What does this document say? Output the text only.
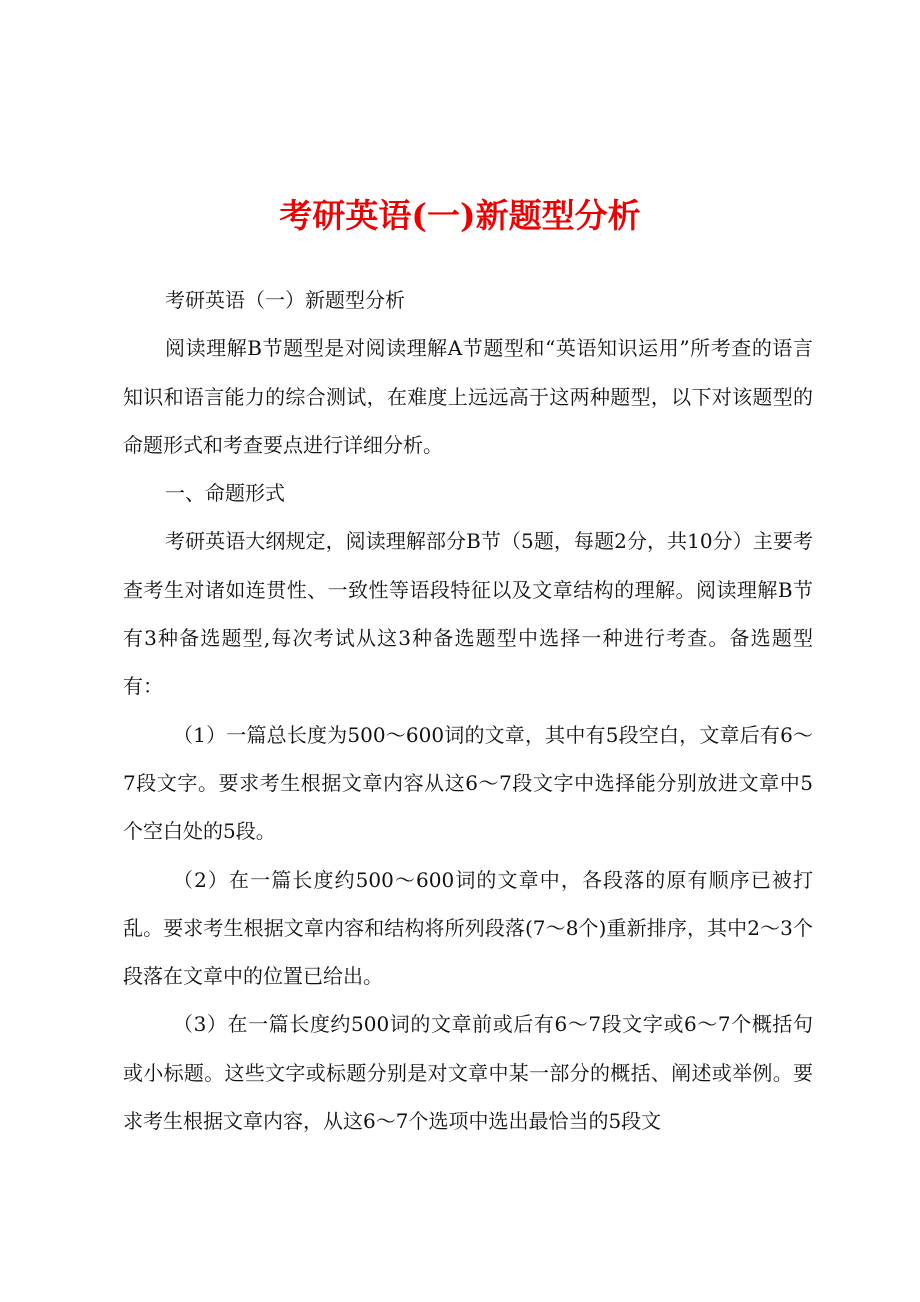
考研英语(一)新题型分析

考研英语（一）新题型分析

阅读理解B节题型是对阅读理解A节题型和“英语知识运用”所考查的语言知识和语言能力的综合测试，在难度上远远高于这两种题型，以下对该题型的命题形式和考查要点进行详细分析。

一、命题形式

考研英语大纲规定，阅读理解部分B节（5题，每题2分，共10分）主要考查考生对诸如连贯性、一致性等语段特征以及文章结构的理解。阅读理解B节有3种备选题型,每次考试从这3种备选题型中选择一种进行考查。备选题型有：

（1）一篇总长度为500～600词的文章，其中有5段空白，文章后有6～7段文字。要求考生根据文章内容从这6～7段文字中选择能分别放进文章中5个空白处的5段。

（2）在一篇长度约500～600词的文章中，各段落的原有顺序已被打乱。要求考生根据文章内容和结构将所列段落(7～8个)重新排序，其中2～3个段落在文章中的位置已给出。

（3）在一篇长度约500词的文章前或后有6～7段文字或6～7个概括句或小标题。这些文字或标题分别是对文章中某一部分的概括、阐述或举例。要求考生根据文章内容，从这6～7个选项中选出最恰当的5段文
